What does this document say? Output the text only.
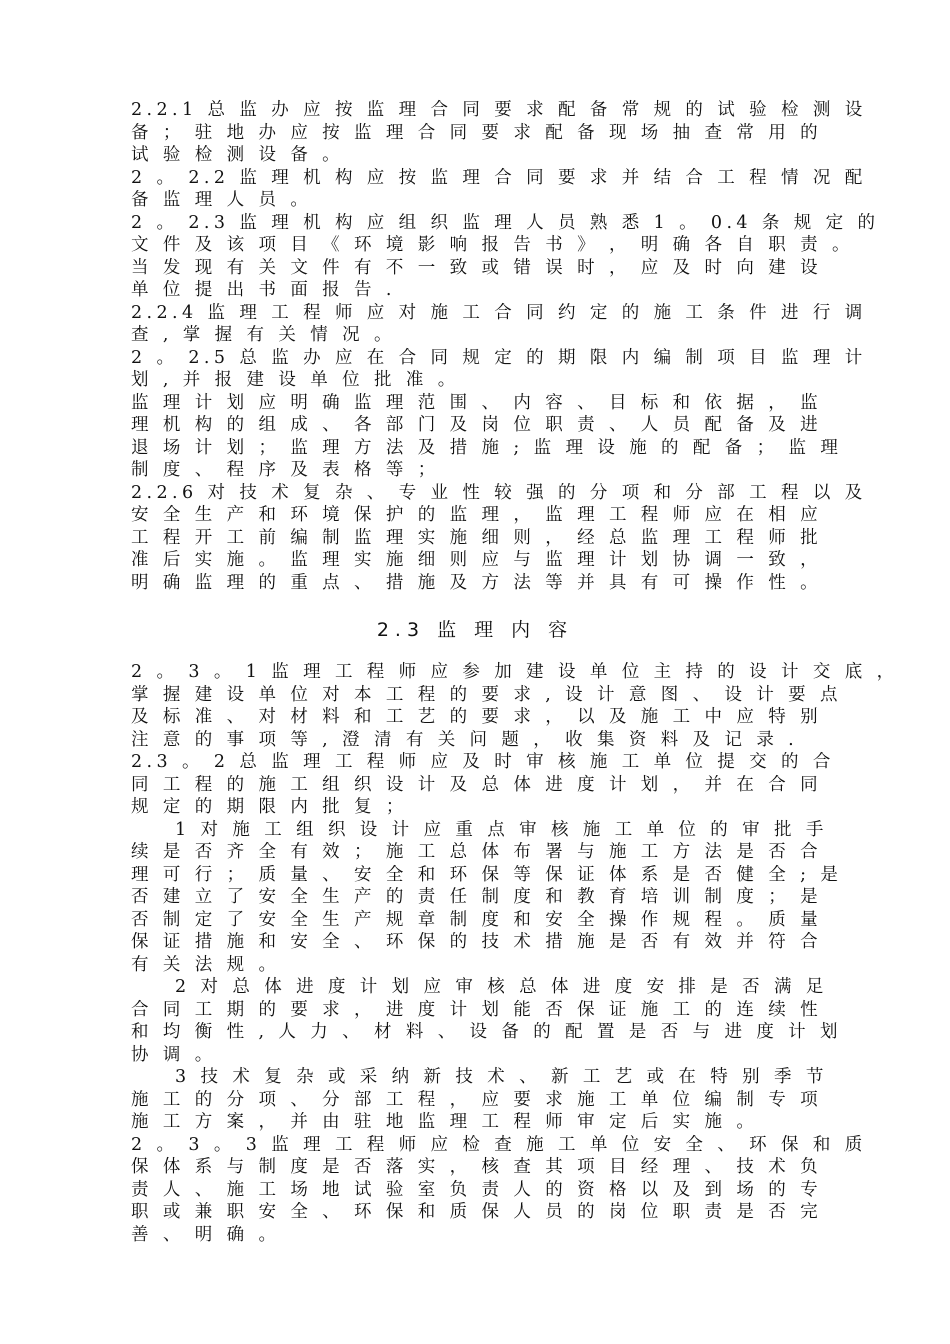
2.2.1 总 监 办 应 按 监 理 合 同 要 求 配 备 常 规 的 试 验 检 测 设
备 ； 驻 地 办 应 按 监 理 合 同 要 求 配 备 现 场 抽 查 常 用 的
试 验 检 测 设 备 。
2 。 2.2 监 理 机 构 应 按 监 理 合 同 要 求 并 结 合 工 程 情 况 配
备 监 理 人 员 。
2 。 2.3 监 理 机 构 应 组 织 监 理 人 员 熟 悉 1 。 0.4 条 规 定 的
文 件 及 该 项 目 《 环 境 影 响 报 告 书 》 ， 明 确 各 自 职 责 。
当 发 现 有 关 文 件 有 不 一 致 或 错 误 时 ， 应 及 时 向 建 设
单 位 提 出 书 面 报 告 .
2.2.4 监 理 工 程 师 应 对 施 工 合 同 约 定 的 施 工 条 件 进 行 调
查 , 掌 握 有 关 情 况 。
2 。 2.5 总 监 办 应 在 合 同 规 定 的 期 限 内 编 制 项 目 监 理 计
划 , 并 报 建 设 单 位 批 准 。
监 理 计 划 应 明 确 监 理 范 围 、 内 容 、 目 标 和 依 据 ， 监
理 机 构 的 组 成 、 各 部 门 及 岗 位 职 责 、 人 员 配 备 及 进
退 场 计 划 ； 监 理 方 法 及 措 施 ; 监 理 设 施 的 配 备 ； 监 理
制 度 、 程 序 及 表 格 等 ；
2.2.6 对 技 术 复 杂 、 专 业 性 较 强 的 分 项 和 分 部 工 程 以 及
安 全 生 产 和 环 境 保 护 的 监 理 ， 监 理 工 程 师 应 在 相 应
工 程 开 工 前 编 制 监 理 实 施 细 则 ， 经 总 监 理 工 程 师 批
准 后 实 施 。 监 理 实 施 细 则 应 与 监 理 计 划 协 调 一 致 ，
明 确 监 理 的 重 点 、 措 施 及 方 法 等 并 具 有 可 操 作 性 。
2.3 监 理 内 容
2 。 3 。 1 监 理 工 程 师 应 参 加 建 设 单 位 主 持 的 设 计 交 底 ，
掌 握 建 设 单 位 对 本 工 程 的 要 求 , 设 计 意 图 、 设 计 要 点
及 标 准 、 对 材 料 和 工 艺 的 要 求 ， 以 及 施 工 中 应 特 别
注 意 的 事 项 等 , 澄 清 有 关 问 题 ， 收 集 资 料 及 记 录 .
2.3 。 2 总 监 理 工 程 师 应 及 时 审 核 施 工 单 位 提 交 的 合
同 工 程 的 施 工 组 织 设 计 及 总 体 进 度 计 划 ， 并 在 合 同
规 定 的 期 限 内 批 复 ；
1 对 施 工 组 织 设 计 应 重 点 审 核 施 工 单 位 的 审 批 手
续 是 否 齐 全 有 效 ； 施 工 总 体 布 署 与 施 工 方 法 是 否 合
理 可 行 ； 质 量 、 安 全 和 环 保 等 保 证 体 系 是 否 健 全 ; 是
否 建 立 了 安 全 生 产 的 责 任 制 度 和 教 育 培 训 制 度 ； 是
否 制 定 了 安 全 生 产 规 章 制 度 和 安 全 操 作 规 程 。 质 量
保 证 措 施 和 安 全 、 环 保 的 技 术 措 施 是 否 有 效 并 符 合
有 关 法 规 。
2 对 总 体 进 度 计 划 应 审 核 总 体 进 度 安 排 是 否 满 足
合 同 工 期 的 要 求 ， 进 度 计 划 能 否 保 证 施 工 的 连 续 性
和 均 衡 性 , 人 力 、 材 料 、 设 备 的 配 置 是 否 与 进 度 计 划
协 调 。
3 技 术 复 杂 或 采 纳 新 技 术 、 新 工 艺 或 在 特 别 季 节
施 工 的 分 项 、 分 部 工 程 ， 应 要 求 施 工 单 位 编 制 专 项
施 工 方 案 ， 并 由 驻 地 监 理 工 程 师 审 定 后 实 施 。
2 。 3 。 3 监 理 工 程 师 应 检 查 施 工 单 位 安 全 、 环 保 和 质
保 体 系 与 制 度 是 否 落 实 ， 核 查 其 项 目 经 理 、 技 术 负
责 人 、 施 工 场 地 试 验 室 负 责 人 的 资 格 以 及 到 场 的 专
职 或 兼 职 安 全 、 环 保 和 质 保 人 员 的 岗 位 职 责 是 否 完
善 、 明 确 。
